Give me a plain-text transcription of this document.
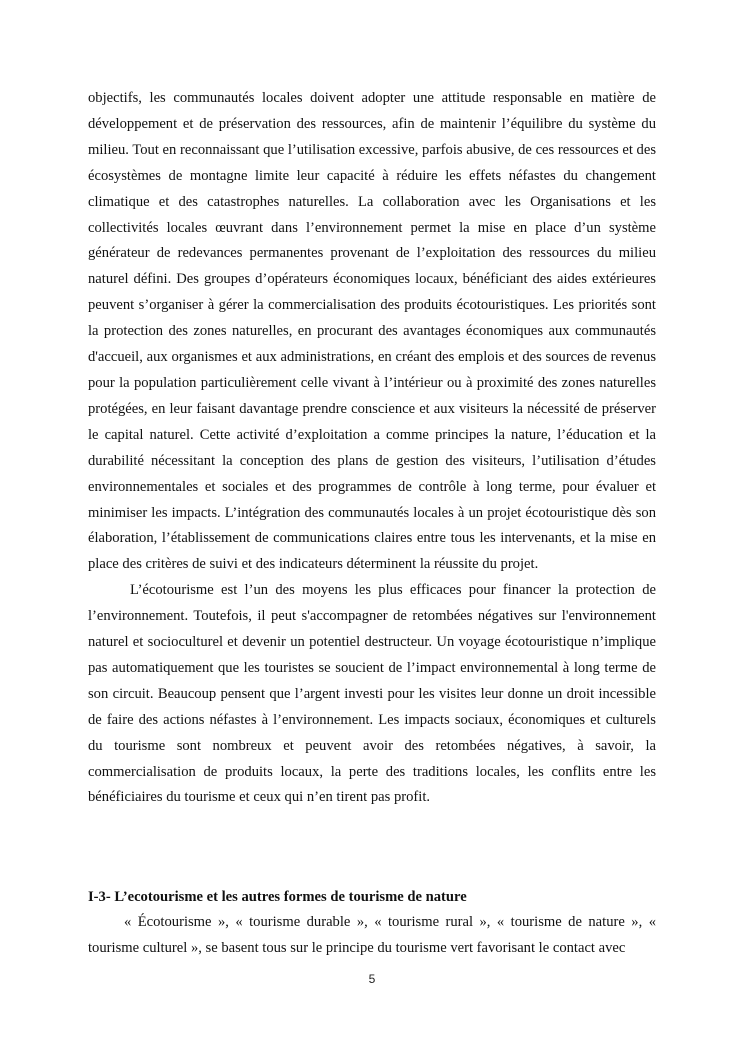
objectifs, les communautés locales doivent adopter une attitude responsable en matière de développement et de préservation des ressources, afin de maintenir l’équilibre du système du milieu. Tout en reconnaissant que l’utilisation excessive, parfois abusive, de ces ressources et des écosystèmes de montagne limite leur capacité à réduire les effets néfastes du changement climatique et des catastrophes naturelles. La collaboration avec les Organisations et les collectivités locales œuvrant dans l’environnement permet la mise en place d’un système générateur de redevances permanentes provenant de l’exploitation des ressources du milieu naturel défini. Des groupes d’opérateurs économiques locaux, bénéficiant des aides extérieures peuvent s’organiser à gérer la commercialisation des produits écotouristiques. Les priorités sont la protection des zones naturelles, en procurant des avantages économiques aux communautés d'accueil, aux organismes et aux administrations, en créant des emplois et des sources de revenus pour la population particulièrement celle vivant à l’intérieur ou à proximité des zones naturelles protégées, en leur faisant davantage prendre conscience et aux visiteurs la nécessité de préserver le capital naturel. Cette activité d’exploitation a comme principes la nature, l’éducation et la durabilité nécessitant la conception des plans de gestion des visiteurs, l’utilisation d’études environnementales et sociales et des programmes de contrôle à long terme, pour évaluer et minimiser les impacts. L’intégration des communautés locales à un projet écotouristique dès son élaboration, l’établissement de communications claires entre tous les intervenants, et la mise en place des critères de suivi et des indicateurs déterminent la réussite du projet.

L’écotourisme est l’un des moyens les plus efficaces pour financer la protection de l’environnement. Toutefois, il peut s'accompagner de retombées négatives sur l'environnement naturel et socioculturel et devenir un potentiel destructeur. Un voyage écotouristique n’implique pas automatiquement que les touristes se soucient de l’impact environnemental à long terme de son circuit. Beaucoup pensent que l’argent investi pour les visites leur donne un droit incessible de faire des actions néfastes à l’environnement. Les impacts sociaux, économiques et culturels du tourisme sont nombreux et peuvent avoir des retombées négatives, à savoir, la commercialisation de produits locaux, la perte des traditions locales, les conflits entre les bénéficiaires du tourisme et ceux qui n’en tirent pas profit.

I-3- L’ecotourisme et les autres formes de tourisme de nature

« Écotourisme », « tourisme durable », « tourisme rural », « tourisme de nature », « tourisme culturel », se basent tous sur le principe du tourisme vert favorisant le contact avec

5
